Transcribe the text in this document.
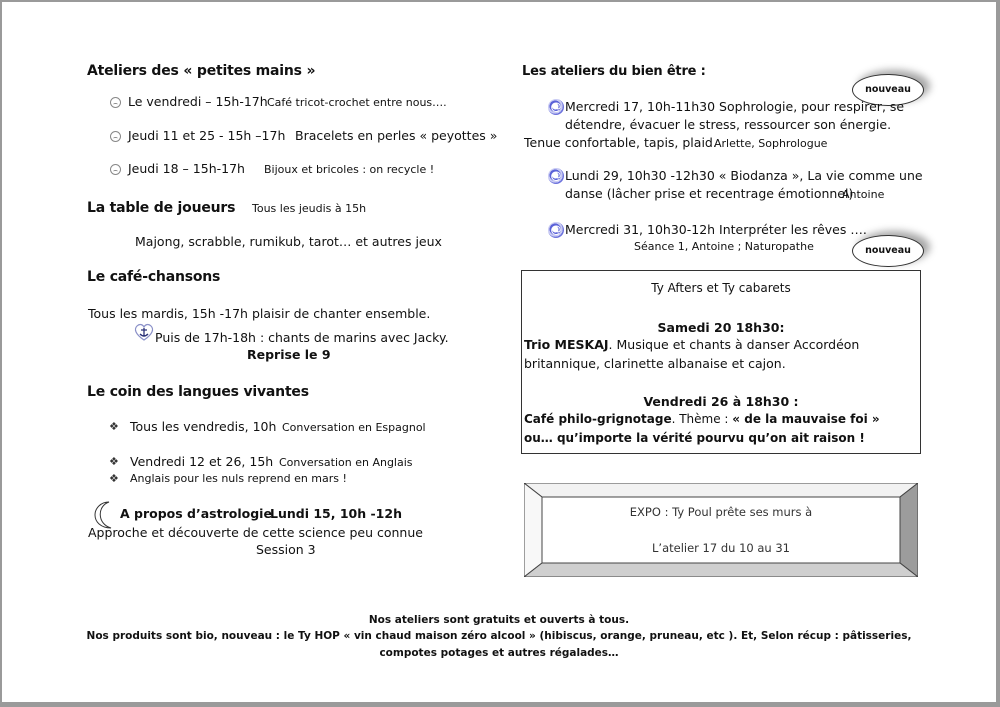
Ateliers des « petites mains »
Le vendredi – 15h-17h Café tricot-crochet entre nous….
Jeudi 11 et 25 - 15h –17h Bracelets en perles « peyottes »
Jeudi 18 – 15h-17h Bijoux et bricoles : on recycle !
La table de joueurs Tous les jeudis à 15h
Majong, scrabble, rumikub, tarot… et autres jeux
Le café-chansons
Tous les mardis, 15h -17h plaisir de chanter ensemble.
Puis de 17h-18h : chants de marins avec Jacky.
Reprise le 9
Le coin des langues vivantes
❖ Tous les vendredis, 10h Conversation en Espagnol
❖ Vendredi 12 et 26, 15h Conversation en Anglais
❖ Anglais pour les nuls reprend en mars !
A propos d’astrologie
Lundi 15, 10h -12h
Approche et découverte de cette science peu connue
Session 3
Les ateliers du bien être :
nouveau
@ Mercredi 17, 10h-11h30 Sophrologie, pour respirer, se
détendre, évacuer le stress, ressourcer son énergie.
Tenue confortable, tapis, plaid.
Arlette, Sophrologue
@ Lundi 29, 10h30 -12h30 « Biodanza », La vie comme une
danse (lâcher prise et recentrage émotionnel)
Antoine
@ Mercredi 31, 10h30-12h Interpréter les rêves ….
Séance 1, Antoine ; Naturopathe	nouveau
Ty Afters et Ty cabarets
Samedi 20 18h30:
Trio MESKAJ. Musique et chants à danser Accordéon
britannique, clarinette albanaise et cajon.
Vendredi 26 à 18h30 :
Café philo-grignotage. Thème : « de la mauvaise foi »
ou… qu’importe la vérité pourvu qu’on ait raison !
EXPO : Ty Poul prête ses murs à
L’atelier 17 du 10 au 31
Nos ateliers sont gratuits et ouverts à tous.
Nos produits sont bio, nouveau : le Ty HOP « vin chaud maison zéro alcool » (hibiscus, orange, pruneau, etc ). Et, Selon récup : pâtisseries,
compotes potages et autres régalades…
